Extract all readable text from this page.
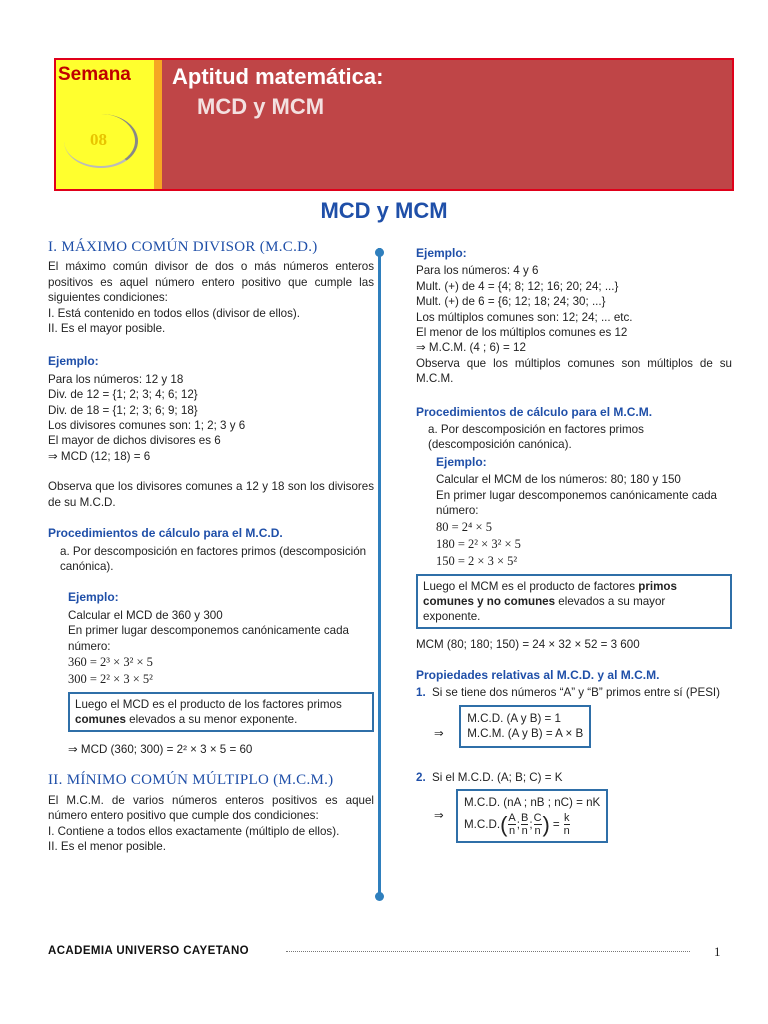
Semana
08
Aptitud matemática:
MCD y MCM
MCD y MCM
I. MÁXIMO COMÚN DIVISOR (M.C.D.)
El máximo común divisor de dos o más números enteros positivos es aquel número entero positivo que cumple las siguientes condiciones:
I. Está contenido en todos ellos (divisor de ellos).
II. Es el mayor posible.
Ejemplo:
Para los números: 12 y 18
Div. de 12 = {1; 2; 3; 4; 6; 12}
Div. de 18 = {1; 2; 3; 6; 9; 18}
Los divisores comunes son: 1; 2; 3 y 6
El mayor de dichos divisores es 6
⇒ MCD (12; 18) = 6
Observa que los divisores comunes a 12 y 18 son los divisores de su M.C.D.
Procedimientos de cálculo para el M.C.D.
a. Por descomposición en factores primos (descomposición canónica).
Ejemplo:
Calcular el MCD de 360 y 300
En primer lugar descomponemos canónicamente cada número:
360 = 2³ × 3² × 5
300 = 2² × 3 × 5²
Luego el MCD es el producto de los factores primos comunes elevados a su menor exponente.
⇒ MCD (360; 300) = 2² × 3 × 5 = 60
II. MÍNIMO COMÚN MÚLTIPLO (M.C.M.)
El M.C.M. de varios números enteros positivos es aquel número entero positivo que cumple dos condiciones:
I. Contiene a todos ellos exactamente (múltiplo de ellos).
II. Es el menor posible.
Ejemplo:
Para los números: 4 y 6
Mult. (+) de 4 = {4; 8; 12; 16; 20; 24; ...}
Mult. (+) de 6 = {6; 12; 18; 24; 30; ...}
Los múltiplos comunes son: 12; 24; ... etc.
El menor de los múltiplos comunes es 12
⇒ M.C.M. (4 ; 6) = 12
Observa que los múltiplos comunes son múltiplos de su M.C.M.
Procedimientos de cálculo para el M.C.M.
a. Por descomposición en factores primos (descomposición canónica).
Ejemplo:
Calcular el MCM de los números: 80; 180 y 150
En primer lugar descomponemos canónicamente cada número:
80 = 2⁴ × 5
180 = 2² × 3² × 5
150 = 2 × 3 × 5²
Luego el MCM es el producto de factores primos comunes y no comunes elevados a su mayor exponente.
MCM (80; 180; 150) = 24 × 32 × 52 = 3 600
Propiedades relativas al M.C.D. y al M.C.M.
1. Si se tiene dos números “A” y “B” primos entre sí (PESI)
⇒
M.C.D. (A y B) = 1
M.C.M. (A y B) = A × B
2. Si el M.C.D. (A; B; C) = K
⇒
M.C.D. (nA ; nB ; nC) = nK
M.C.D. ( $\frac{A}{n}$ ; $\frac{B}{n}$ ; $\frac{C}{n}$ ) = $\frac{k}{n}$
ACADEMIA UNIVERSO CAYETANO	1
